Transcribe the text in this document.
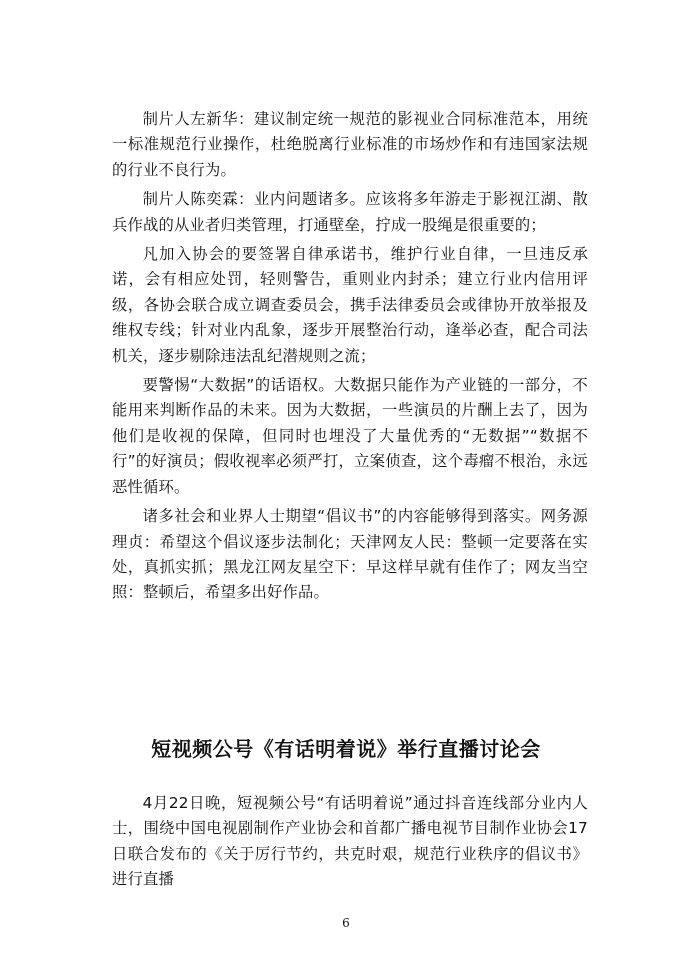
制片人左新华：建议制定统一规范的影视业合同标准范本，用统一标准规范行业操作，杜绝脱离行业标准的市场炒作和有违国家法规的行业不良行为。

制片人陈奕霖：业内问题诸多。应该将多年游走于影视江湖、散兵作战的从业者归类管理，打通壁垒，拧成一股绳是很重要的；

凡加入协会的要签署自律承诺书，维护行业自律，一旦违反承诺，会有相应处罚，轻则警告，重则业内封杀；建立行业内信用评级，各协会联合成立调查委员会，携手法律委员会或律协开放举报及维权专线；针对业内乱象，逐步开展整治行动，逢举必查，配合司法机关，逐步剔除违法乱纪潜规则之流；

要警惕“大数据”的话语权。大数据只能作为产业链的一部分，不能用来判断作品的未来。因为大数据，一些演员的片酬上去了，因为他们是收视的保障，但同时也埋没了大量优秀的“无数据”“数据不行”的好演员；假收视率必须严打，立案侦查，这个毒瘤不根治，永远恶性循环。

诸多社会和业界人士期望“倡议书”的内容能够得到落实。网务源理贞：希望这个倡议逐步法制化；天津网友人民：整顿一定要落在实处，真抓实抓；黑龙江网友星空下：早这样早就有佳作了；网友当空照：整顿后，希望多出好作品。

短视频公号《有话明着说》举行直播讨论会

4月22日晚，短视频公号“有话明着说”通过抖音连线部分业内人士，围绕中国电视剧制作产业协会和首都广播电视节目制作业协会17日联合发布的《关于厉行节约，共克时艰，规范行业秩序的倡议书》进行直播

6
